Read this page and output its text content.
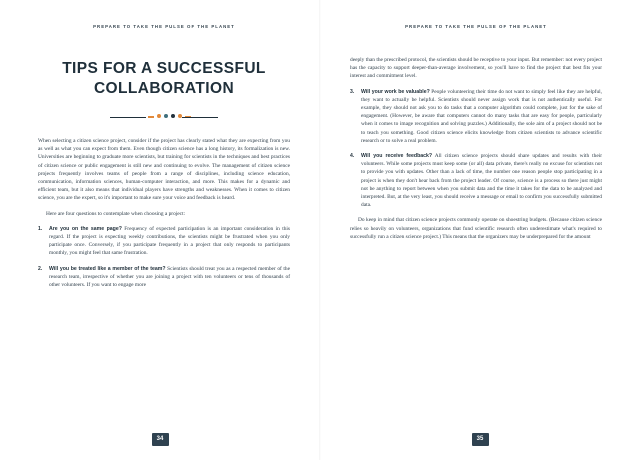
PREPARE TO TAKE THE PULSE OF THE PLANET
TIPS FOR A SUCCESSFUL COLLABORATION

When selecting a citizen science project, consider if the project has clearly stated what they are expecting from you as well as what you can expect from them. Even though citizen science has a long history, its formalization is new. Universities are beginning to graduate more scientists, but training for scientists in the techniques and best practices of citizen science or public engagement is still new and continuing to evolve. The management of citizen science projects frequently involves teams of people from a range of disciplines, including science education, communication, information sciences, human-computer interaction, and more. This makes for a dynamic and efficient team, but it also means that individual players have strengths and weaknesses. When it comes to citizen science, you are the expert, so it's important to make sure your voice and feedback is heard.

Here are four questions to contemplate when choosing a project:

1. Are you on the same page? Frequency of expected participation is an important consideration in this regard. If the project is expecting weekly contributions, the scientists might be frustrated when you only participate once. Conversely, if you participate frequently in a project that only responds to participants monthly, you might feel that same frustration.
2. Will you be treated like a member of the team? Scientists should treat you as a respected member of the research team, irrespective of whether you are joining a project with ten volunteers or tens of thousands of other volunteers. If you want to engage more
34
PREPARE TO TAKE THE PULSE OF THE PLANET

deeply than the prescribed protocol, the scientists should be receptive to your input. But remember: not every project has the capacity to support deeper-than-average involvement, so you'll have to find the project that best fits your interest and commitment level.

3. Will your work be valuable? People volunteering their time do not want to simply feel like they are helpful, they want to actually be helpful. Scientists should never assign work that is not authentically useful. For example, they should not ask you to do tasks that a computer algorithm could complete, just for the sake of engagement. (However, be aware that computers cannot do many tasks that are easy for people, particularly when it comes to image recognition and solving puzzles.) Additionally, the sole aim of a project should not be to teach you something. Good citizen science elicits knowledge from citizen scientists to advance scientific research or to solve a real problem.
4. Will you receive feedback? All citizen science projects should share updates and results with their volunteers. While some projects must keep some (or all) data private, there's really no excuse for scientists not to provide you with updates. Other than a lack of time, the number one reason people stop participating in a project is when they don't hear back from the project leader. Of course, science is a process so there just might not be anything to report between when you submit data and the time it takes for the data to be analyzed and interpreted. But, at the very least, you should receive a message or email to confirm you successfully submitted data.

Do keep in mind that citizen science projects commonly operate on shoestring budgets. (Because citizen science relies so heavily on volunteers, organizations that fund scientific research often underestimate what's required to successfully run a citizen science project.) This means that the organizers may be underprepared for the amount

35
